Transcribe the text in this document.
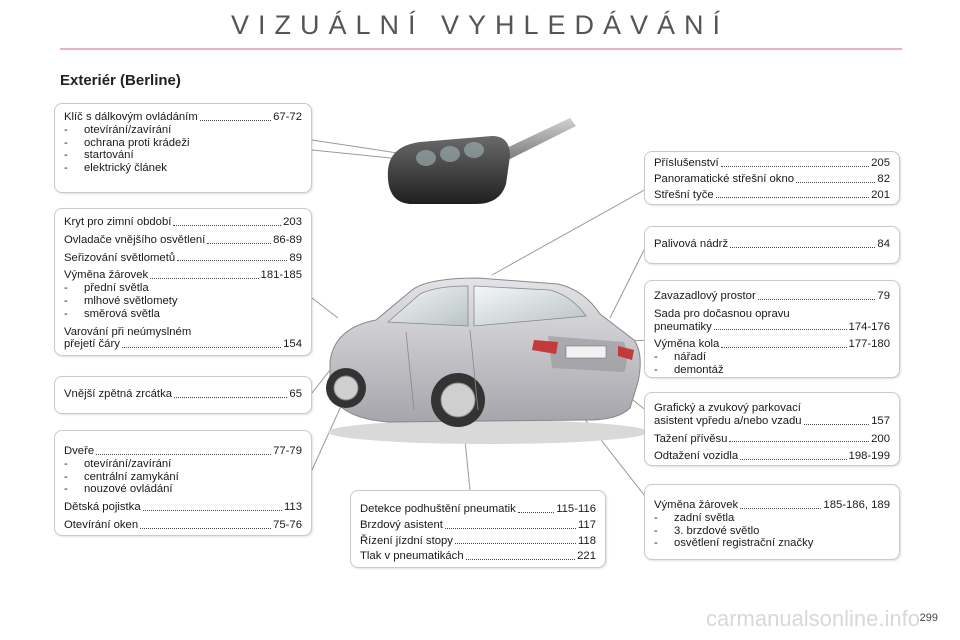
VIZUÁLNÍ VYHLEDÁVÁNÍ
Exteriér (Berline)
Klíč s dálkovým ovládáním	67-72
- otevírání/zavírání
- ochrana proti krádeži
- startování
- elektrický článek
Kryt pro zimní období	203
Ovladače vnějšího osvětlení	86-89
Seřizování světlometů	89
Výměna žárovek	181-185
- přední světla
- mlhové světlomety
- směrová světla
Varování při neúmyslném
přejetí čáry	154
Vnější zpětná zrcátka	65
Dveře	77-79
- otevírání/zavírání
- centrální zamykání
- nouzové ovládání
Dětská pojistka	113
Otevírání oken	75-76
Příslušenství	205
Panoramatické střešní okno	82
Střešní tyče	201
Palivová nádrž	84
Zavazadlový prostor	79
Sada pro dočasnou opravu
pneumatiky	174-176
Výměna kola	177-180
- nářadí
- demontáž
Grafický a zvukový parkovací
asistent vpředu a/nebo vzadu	157
Tažení přívěsu	200
Odtažení vozidla	198-199
Výměna žárovek	185-186, 189
- zadní světla
- 3. brzdové světlo
- osvětlení registrační značky
Detekce podhuštění pneumatik	115-116
Brzdový asistent	117
Řízení jízdní stopy	118
Tlak v pneumatikách	221
carmanualsonline.info 299
